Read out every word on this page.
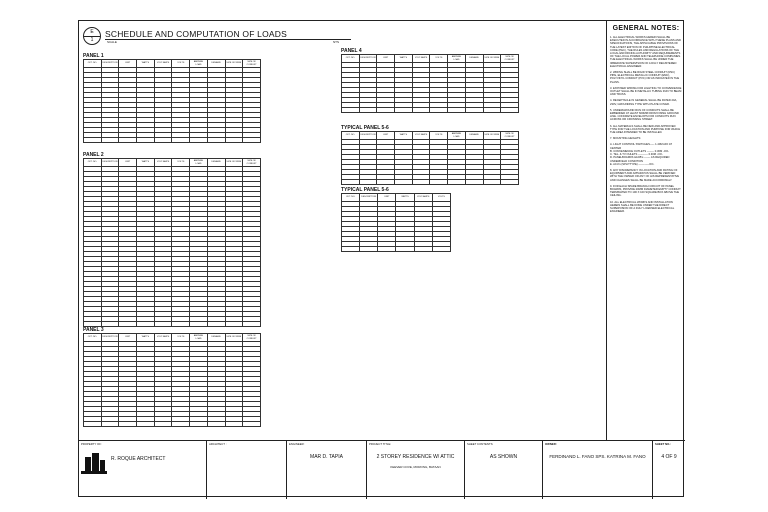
E
1
SCHEDULE AND COMPUTATION OF LOADS
SCALE	NTS
PANEL 1
CKT. NO.	DESCRIPTION	UNIT	WATTS	VOLT-AMPS	VOLTS	AMPERE LOAD	DEMAND	SIZE OF WIRE	SIZE OF CONDUIT

PANEL 2
CKT. NO.	DESCRIPTION	UNIT	WATTS	VOLT-AMPS	VOLTS	AMPERE LOAD	DEMAND	SIZE OF WIRE	SIZE OF CONDUIT

PANEL 3
CKT. NO.	DESCRIPTION	UNIT	WATTS	VOLT-AMPS	VOLTS	AMPERE LOAD	DEMAND	SIZE OF WIRE	SIZE OF CONDUIT

PANEL 4
CKT. NO.	DESCRIPTION	UNIT	WATTS	VOLT-AMPS	VOLTS	AMPERE LOAD	DEMAND	SIZE OF WIRE	SIZE OF CONDUIT

TYPICAL PANEL 5-6
CKT. NO.	DESCRIPTION	UNIT	WATTS	VOLT-AMPS	VOLTS	AMPERE LOAD	DEMAND	SIZE OF WIRE	SIZE OF CONDUIT

TYPICAL PANEL 5-6
CKT. NO.	DESCRIPTION	UNIT	WATTS	VOLT-AMPS	VOLTS

GENERAL NOTES:
1. ALL ELECTRICAL WORKS HEREIN SHALL BE EXECUTED IN ACCORDANCE WITH THESE PLANS AND SPECIFICATIONS, THE APPLICABLE PROVISIONS OF THE LATEST EDITION OF PHILIPPINE ELECTRICAL CODE (PEC), THE RULES AND REGULATIONS OF THE LOCAL ENFORCING AUTHORITY AND REQUIREMENTS OF THE LOCAL POWER AND TELEPHONE COMPANIES. THE ELECTRICAL WORKS SHALL BE UNDER THE IMMEDIATE SUPERVISION OF A DULY REGISTERED ELECTRICAL ENGINEER.
2. WIRING SHALL BE RIGID STEEL CONDUIT (RSC) PIPE, ELECTRICAL METALLIC CONDUIT (EMC), POLYVINYL CONDUIT (PVC) OR AS INDICATED IN THE PLANS.
3. EXPOSED WIRING FOR LIGHTING TO CONVENIENCE OUTLET SHALL BE IN METALLIC TUBING RUN TO BEAM AND TRUSS.
4. RECEPTACLE IN GENERAL SHALL BE RATED 20A, 230V, GROUNDING TYPE WITH PLATE COVER.
5. UNDERGROUND RUN OF CONDUITS SHALL BE EMBEDDED AT LEAST 600MM FROM FINISH GROUND LINE. CONCRETE ENVELOPS FOR CONDUITS RUN ACROSS OR CROSSING STREET.
6. ALL MATERIALS SHALL BE NEW AND APPROVED TYPE FOR THE LOCATION AND PURPOSE FOR WHICH THE AREA INTENDED TO BE INSTALLED.
7. MOUNTING HEIGHTS:
A. LIGHT CONTROL SWITCHES----- 1.40M AFF AT CENTER
B. CONVENIENCE OUTLETS -------- 0.30M -OO-
C. TEL. & TV OULETS ----------- 0.30M -OO-
D. PANELBOARDS &ACB's ------- AS REQUIRED UNDERFIELD CONDITION
E. ACU's (SPLITTYPE) ------------OO-
8. ANY DISCREPANCY IN LOCATION AND RATING OF EQUIPMENT AND APPARATUS SHALL BE VERIFIED WITH THE OWNER OR ANY OF HIS REPRESENTATIVE AND CHANGES SHALL BE MADE ACCORDINGLY.
9. FOR EACH SPARE BRANCH CIRCUIT OF PANEL BOARDS, PROVIDE 20MM DIAMETER EMPTY CONDUIT TERMINATED TO 100 X 100 SQUARE BOX ABOVE THE CEILING.
10. ALL ELECTRICAL WORKS AND INSTALLATION HEREIN SHALL BE DONE UNDER THE DIRECT SUPERVISION OF A DULY LICENSED ELECTRICAL ENGINEER.
PROPERTY OF:
R. ROQUE ARCHITECT
ARCHITECT :	ENGINEER:
MAR D. TAPIA
PROJECT TITLE:
2 STOREY RESIDENCE W/ ATTIC
KEEVER COVE, MORONG, BATAAN
SHEET CONTENTS:
AS SHOWN
OWNER:
FERDINAND L. FANO SPS. KATRINA M. FANO
SHEET NO.:
4 OF 9
